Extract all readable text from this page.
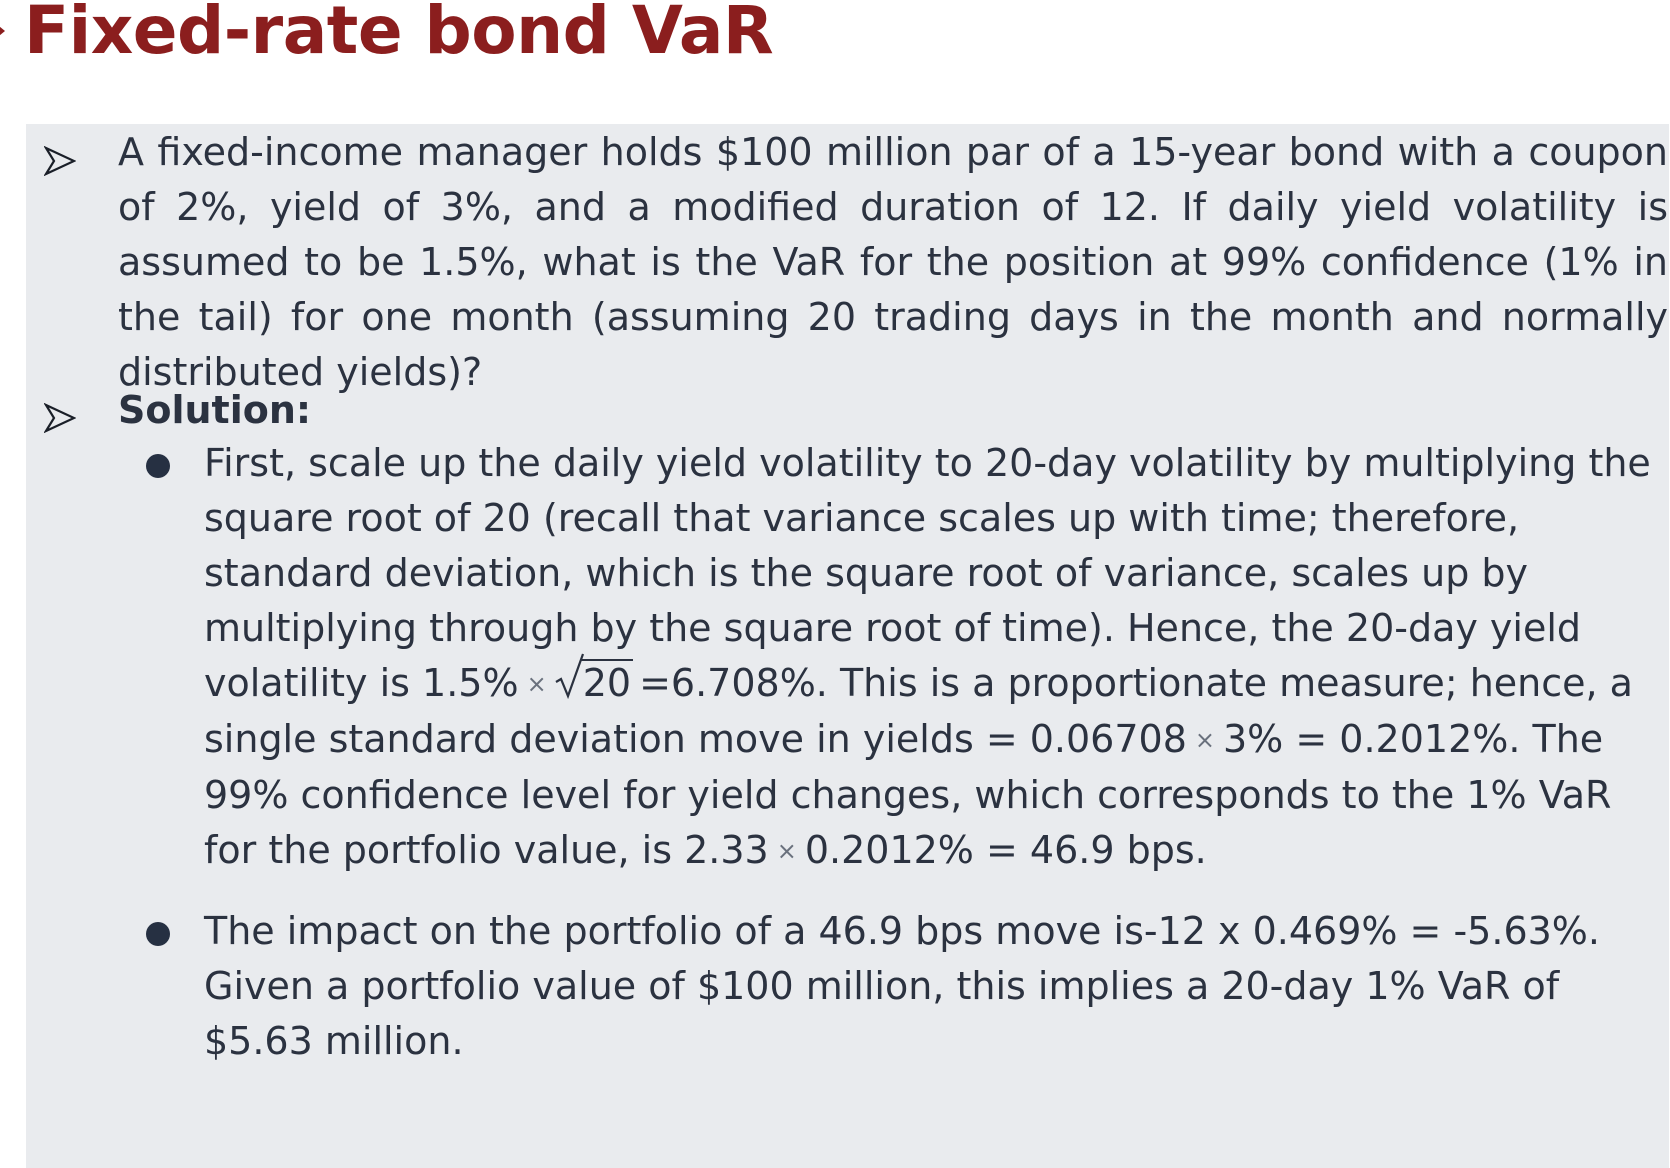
Fixed-rate bond VaR

A fixed-income manager holds $100 million par of a 15-year bond with a coupon of 2%, yield of 3%, and a modified duration of 12. If daily yield volatility is assumed to be 1.5%, what is the VaR for the position at 99% confidence (1% in the tail) for one month (assuming 20 trading days in the month and normally distributed yields)?

Solution:

First, scale up the daily yield volatility to 20-day volatility by multiplying the square root of 20 (recall that variance scales up with time; therefore, standard deviation, which is the square root of variance, scales up by multiplying through by the square root of time). Hence, the 20-day yield volatility is 1.5% × 20 =6.708%. This is a proportionate measure; hence, a single standard deviation move in yields = 0.06708 × 3% = 0.2012%. The 99% confidence level for yield changes, which corresponds to the 1% VaR for the portfolio value, is 2.33 × 0.2012% = 46.9 bps.

The impact on the portfolio of a 46.9 bps move is-12 x 0.469% = -5.63%. Given a portfolio value of $100 million, this implies a 20-day 1% VaR of $5.63 million.
